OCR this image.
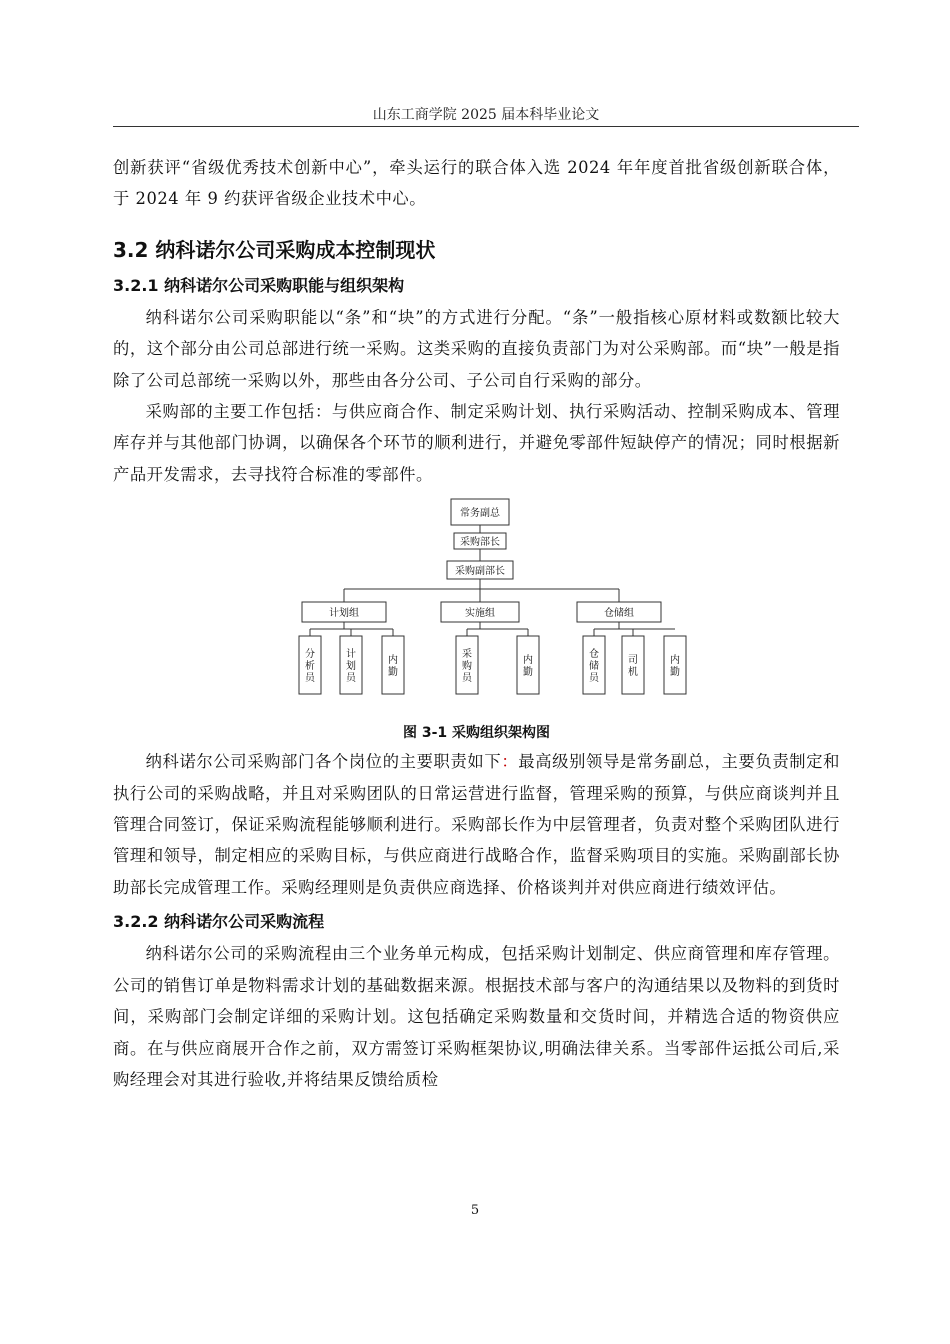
山东工商学院 2025 届本科毕业论文

创新获评“省级优秀技术创新中心”，牵头运行的联合体入选 2024 年年度首批省级创新联合体，于 2024 年 9 约获评省级企业技术中心。

3.2 纳科诺尔公司采购成本控制现状
3.2.1 纳科诺尔公司采购职能与组织架构

纳科诺尔公司采购职能以“条”和“块”的方式进行分配。“条”一般指核心原材料或数额比较大的，这个部分由公司总部进行统一采购。这类采购的直接负责部门为对公采购部。而“块”一般是指除了公司总部统一采购以外，那些由各分公司、子公司自行采购的部分。

采购部的主要工作包括：与供应商合作、制定采购计划、执行采购活动、控制采购成本、管理库存并与其他部门协调，以确保各个环节的顺利进行，并避免零部件短缺停产的情况；同时根据新产品开发需求，去寻找符合标准的零部件。

常务副总
采购部长
采购副部长
计划组	实施组	仓储组
分析员
计划员
内勤
采购员
内勤
仓储员
司机
内勤
图 3-1 采购组织架构图

纳科诺尔公司采购部门各个岗位的主要职责如下：最高级别领导是常务副总，主要负责制定和执行公司的采购战略，并且对采购团队的日常运营进行监督，管理采购的预算，与供应商谈判并且管理合同签订，保证采购流程能够顺利进行。采购部长作为中层管理者，负责对整个采购团队进行管理和领导，制定相应的采购目标，与供应商进行战略合作，监督采购项目的实施。采购副部长协助部长完成管理工作。采购经理则是负责供应商选择、价格谈判并对供应商进行绩效评估。

3.2.2 纳科诺尔公司采购流程

纳科诺尔公司的采购流程由三个业务单元构成，包括采购计划制定、供应商管理和库存管理。公司的销售订单是物料需求计划的基础数据来源。根据技术部与客户的沟通结果以及物料的到货时间，采购部门会制定详细的采购计划。这包括确定采购数量和交货时间，并精选合适的物资供应商。在与供应商展开合作之前，双方需签订采购框架协议,明确法律关系。当零部件运抵公司后,采购经理会对其进行验收,并将结果反馈给质检

5
